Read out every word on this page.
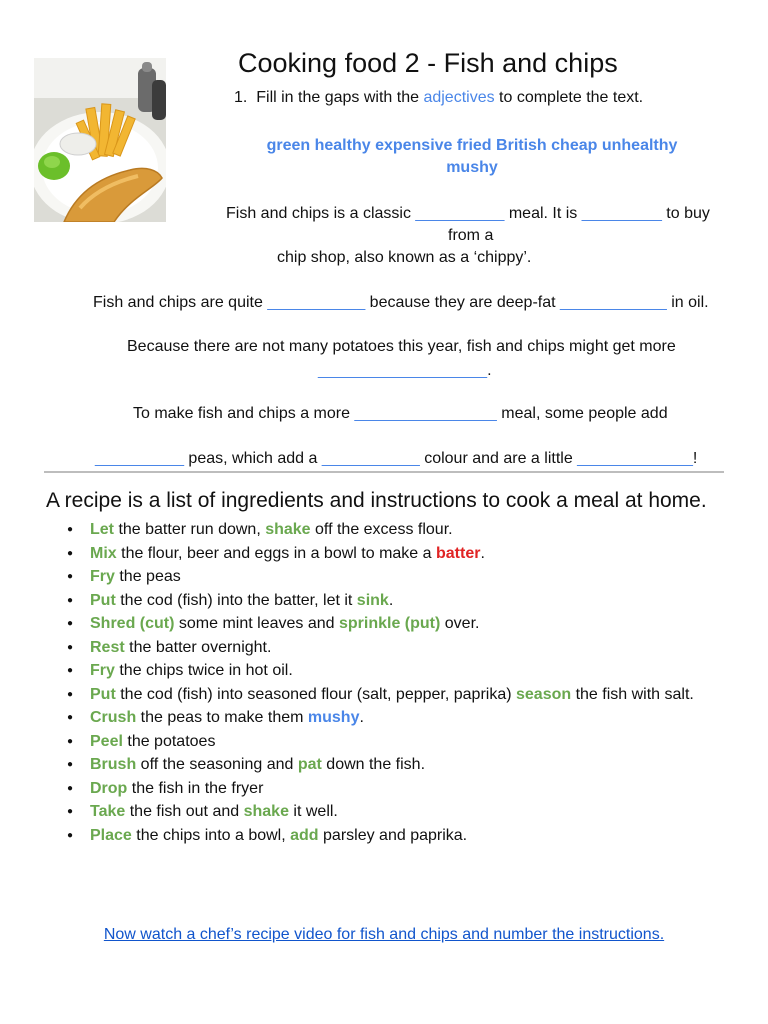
Cooking food 2 - Fish and chips
1. Fill in the gaps with the adjectives to complete the text.
green healthy expensive fried British cheap unhealthy
mushy
Fish and chips is a classic __________ meal. It is _________ to buy
from a
chip shop, also known as a ‘chippy’.
Fish and chips are quite ___________ because they are deep-fat ____________ in oil.
Because there are not many potatoes this year, fish and chips might get more
___________________.
To make fish and chips a more ________________ meal, some people add
__________ peas, which add a ___________ colour and are a little _____________!
A recipe is a list of ingredients and instructions to cook a meal at home.
● Let the batter run down, shake off the excess flour.
● Mix the flour, beer and eggs in a bowl to make a batter.
● Fry the peas
● Put the cod (fish) into the batter, let it sink.
● Shred (cut) some mint leaves and sprinkle (put) over.
● Rest the batter overnight.
● Fry the chips twice in hot oil.
● Put the cod (fish) into seasoned flour (salt, pepper, paprika) season the fish with salt.
● Crush the peas to make them mushy.
● Peel the potatoes
● Brush off the seasoning and pat down the fish.
● Drop the fish in the fryer
● Take the fish out and shake it well.
● Place the chips into a bowl, add parsley and paprika.
Now watch a chef’s recipe video for fish and chips and number the instructions.
